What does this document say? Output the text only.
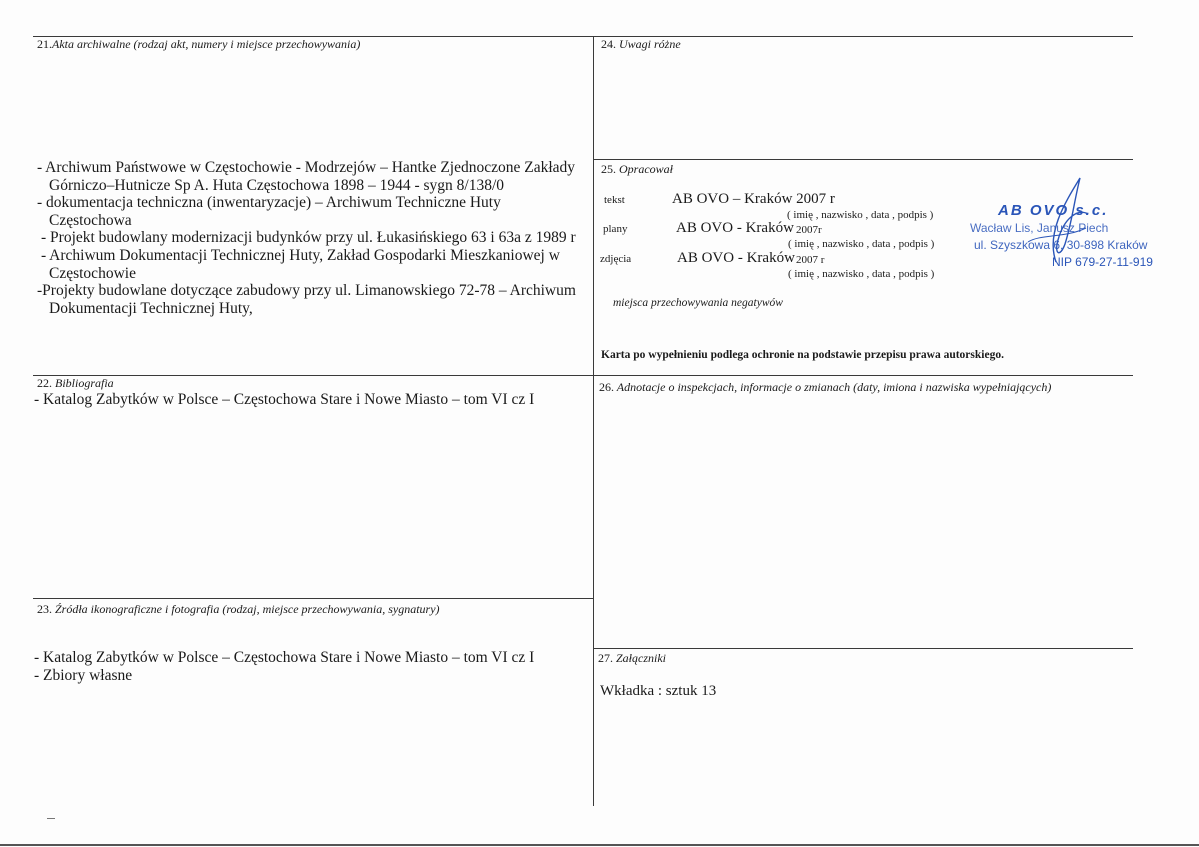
21.Akta archiwalne (rodzaj akt, numery i miejsce przechowywania)
- Archiwum Państwowe w Częstochowie - Modrzejów – Hantke Zjednoczone Zakłady
Górniczo–Hutnicze Sp A. Huta Częstochowa 1898 – 1944 - sygn 8/138/0
- dokumentacja techniczna (inwentaryzacje) – Archiwum Techniczne Huty
Częstochowa
- Projekt budowlany modernizacji budynków przy ul. Łukasińskiego 63 i 63a z 1989 r
- Archiwum Dokumentacji Technicznej Huty, Zakład Gospodarki Mieszkaniowej w
Częstochowie
-Projekty budowlane dotyczące zabudowy przy ul. Limanowskiego 72-78 – Archiwum
Dokumentacji Technicznej Huty,
22. Bibliografia
- Katalog Zabytków w Polsce – Częstochowa Stare i Nowe Miasto – tom VI cz I
23. Źródła ikonograficzne i fotografia (rodzaj, miejsce przechowywania, sygnatury)
- Katalog Zabytków w Polsce – Częstochowa Stare i Nowe Miasto – tom VI cz I
- Zbiory własne
24. Uwagi różne
25. Opracował
tekst	AB OVO – Kraków 2007 r
( imię , nazwisko , data , podpis )
plany	AB OVO - Kraków 2007r
( imię , nazwisko , data , podpis )
zdjęcia	AB OVO - Kraków 2007 r
( imię , nazwisko , data , podpis )
miejsca przechowywania negatywów
Karta po wypełnieniu podlega ochronie na podstawie przepisu prawa autorskiego.
AB OVO s.c.
Wacław Lis, Janusz Piech
ul. Szyszkowa 6, 30-898 Kraków
NIP 679-27-11-919
26. Adnotacje o inspekcjach, informacje o zmianach (daty, imiona i nazwiska wypełniających)
27. Załączniki
Wkładka : sztuk 13
